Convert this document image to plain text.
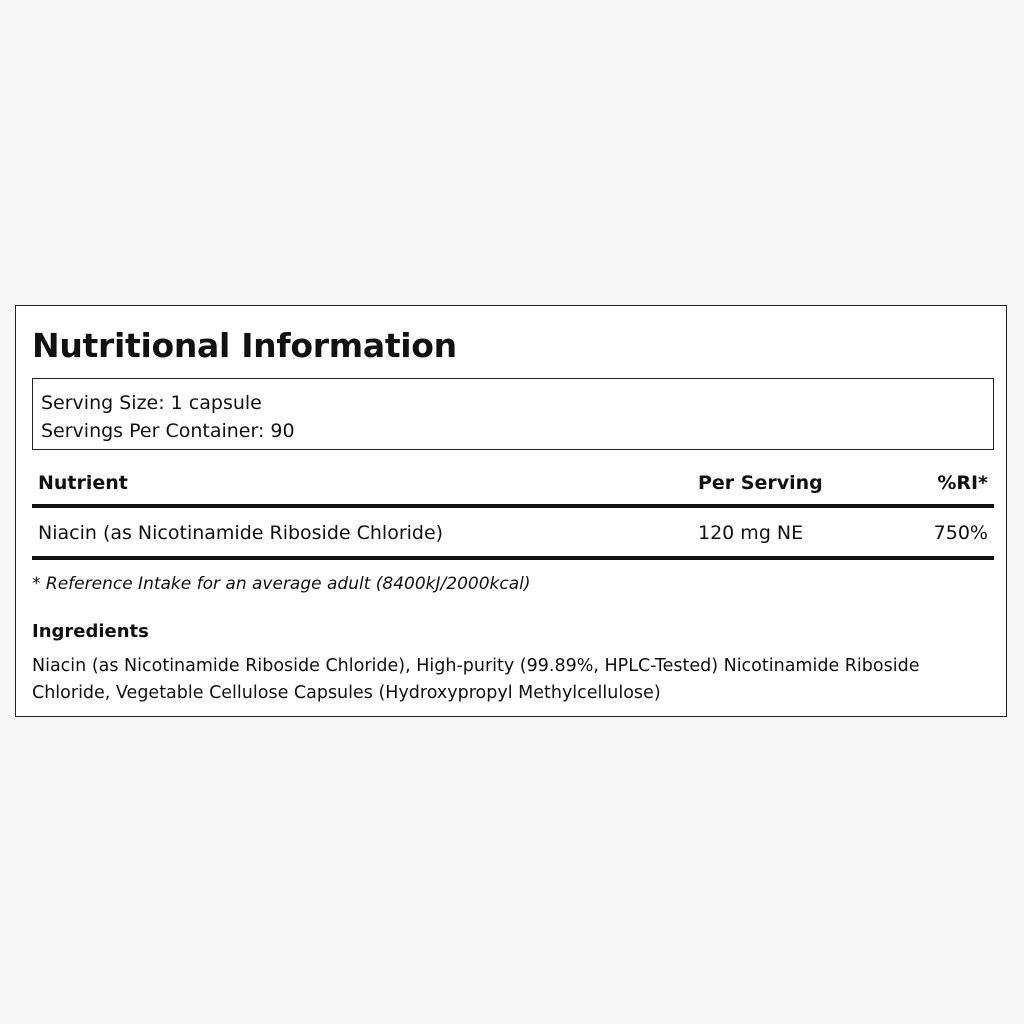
Nutritional Information
Serving Size: 1 capsule
Servings Per Container: 90
Nutrient	Per Serving	%RI*
Niacin (as Nicotinamide Riboside Chloride)	120 mg NE	750%
* Reference Intake for an average adult (8400kJ/2000kcal)
Ingredients

Niacin (as Nicotinamide Riboside Chloride), High-purity (99.89%, HPLC-Tested) Nicotinamide Riboside Chloride, Vegetable Cellulose Capsules (Hydroxypropyl Methylcellulose)
